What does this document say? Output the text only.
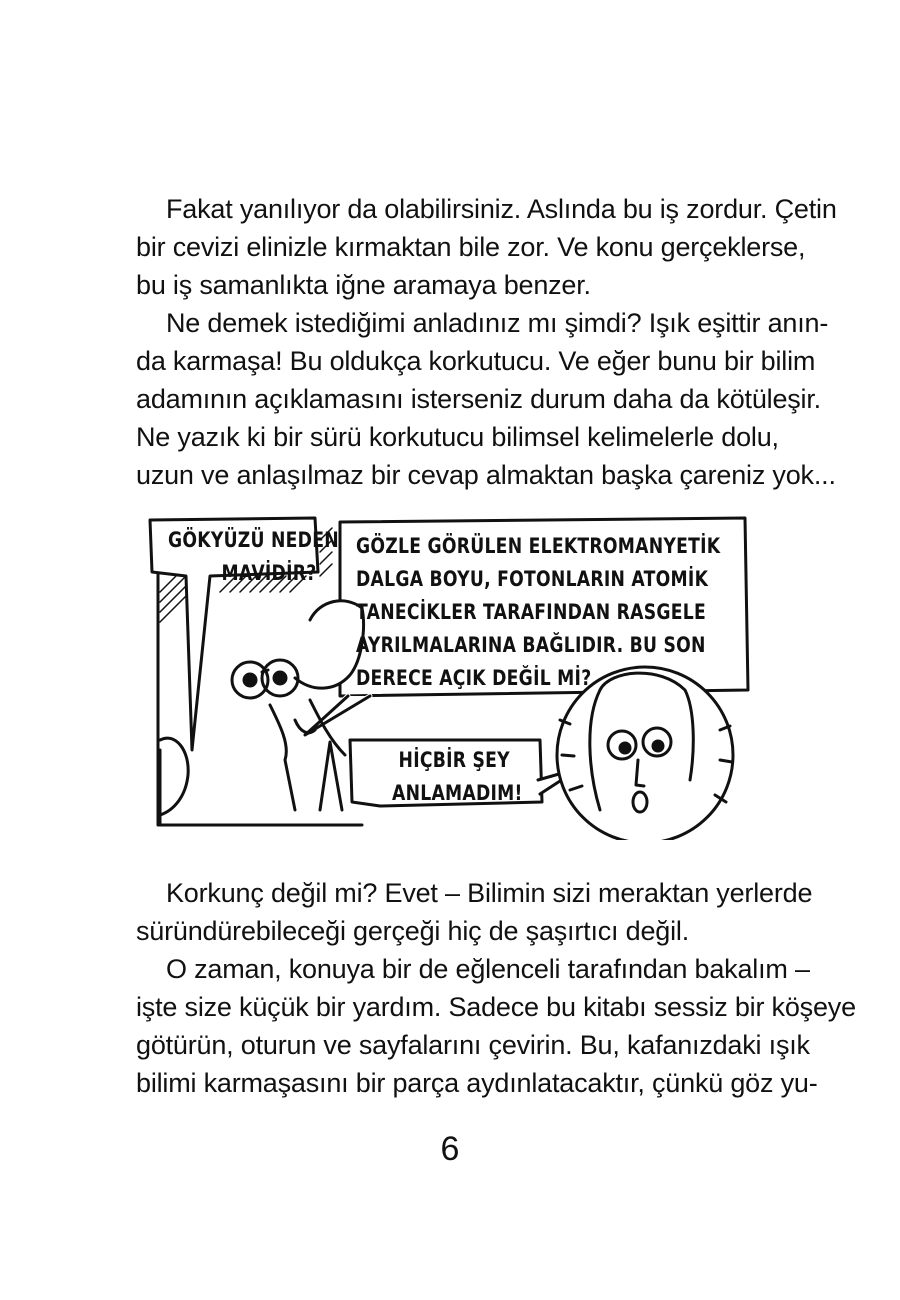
Fakat yanılıyor da olabilirsiniz. Aslında bu iş zordur. Çetin
bir cevizi elinizle kırmaktan bile zor. Ve konu gerçeklerse,
bu iş samanlıkta iğne aramaya benzer.
Ne demek istediğimi anladınız mı şimdi? Işık eşittir anın-
da karmaşa! Bu oldukça korkutucu. Ve eğer bunu bir bilim
adamının açıklamasını isterseniz durum daha da kötüleşir.
Ne yazık ki bir sürü korkutucu bilimsel kelimelerle dolu,
uzun ve anlaşılmaz bir cevap almaktan başka çareniz yok...
GÖKYÜZÜ NEDEN
MAVİDİR?
GÖZLE GÖRÜLEN ELEKTROMANYETİK
DALGA BOYU, FOTONLARIN ATOMİK
TANECİKLER TARAFINDAN RASGELE
AYRILMALARINA BAĞLIDIR. BU SON
DERECE AÇIK DEĞİL Mİ?
HİÇBİR ŞEY
ANLAMADIM!
Korkunç değil mi? Evet – Bilimin sizi meraktan yerlerde
süründürebileceği gerçeği hiç de şaşırtıcı değil.
O zaman, konuya bir de eğlenceli tarafından bakalım –
işte size küçük bir yardım. Sadece bu kitabı sessiz bir köşeye
götürün, oturun ve sayfalarını çevirin. Bu, kafanızdaki ışık
bilimi karmaşasını bir parça aydınlatacaktır, çünkü göz yu-
6
